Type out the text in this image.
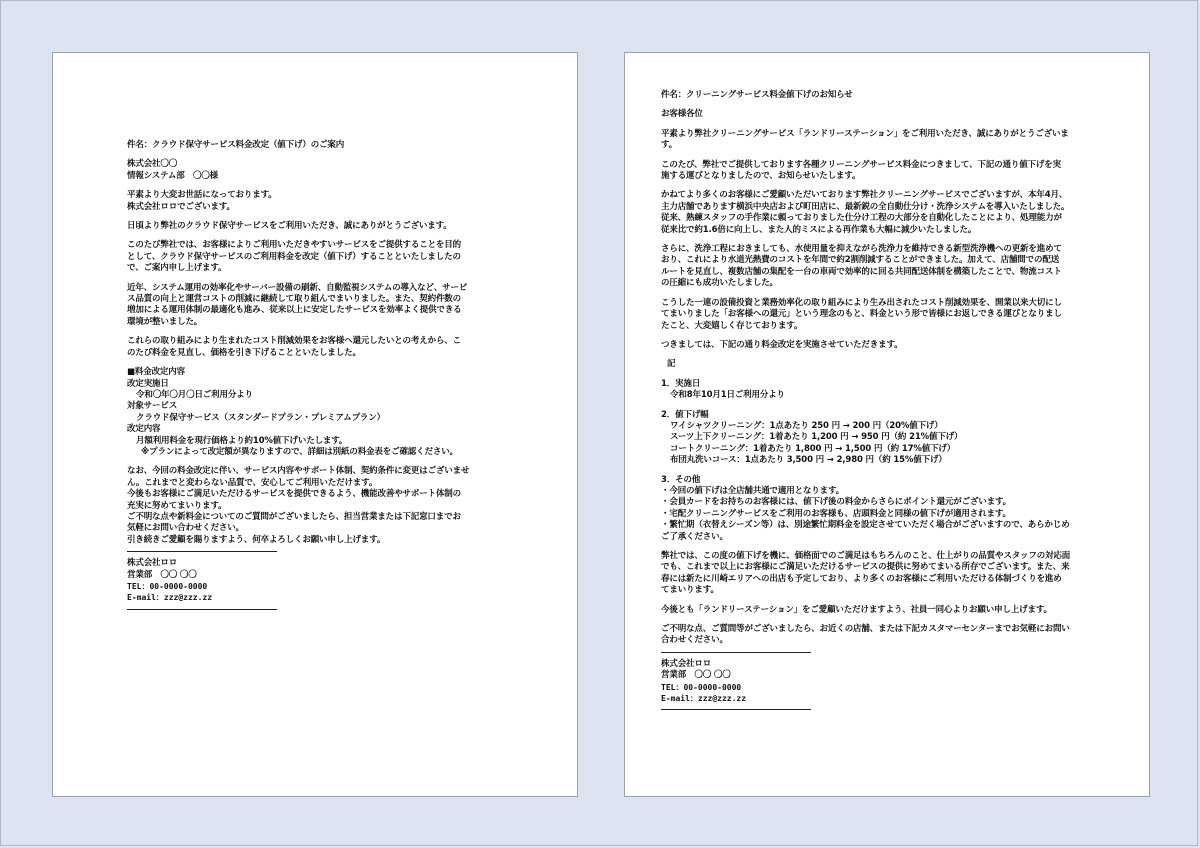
件名：クラウド保守サービス料金改定（値下げ）のご案内

株式会社〇〇

情報システム部　〇〇様

平素より大変お世話になっております。

株式会社ロロでございます。

日頃より弊社のクラウド保守サービスをご利用いただき、誠にありがとうございます。

このたび弊社では、お客様によりご利用いただきやすいサービスをご提供することを目的

として、クラウド保守サービスのご利用料金を改定（値下げ）することといたしましたの

で、ご案内申し上げます。

近年、システム運用の効率化やサーバー設備の刷新、自動監視システムの導入など、サービ

ス品質の向上と運営コストの削減に継続して取り組んでまいりました。また、契約件数の

増加による運用体制の最適化も進み、従来以上に安定したサービスを効率よく提供できる

環境が整いました。

これらの取り組みにより生まれたコスト削減効果をお客様へ還元したいとの考えから、こ

のたび料金を見直し、価格を引き下げることといたしました。

■料金改定内容

改定実施日

令和〇年〇月〇日ご利用分より

対象サービス

クラウド保守サービス（スタンダードプラン・プレミアムプラン）

改定内容

月額利用料金を現行価格より約10%値下げいたします。

※プランによって改定額が異なりますので、詳細は別紙の料金表をご確認ください。

なお、今回の料金改定に伴い、サービス内容やサポート体制、契約条件に変更はございませ

ん。これまでと変わらない品質で、安心してご利用いただけます。

今後もお客様にご満足いただけるサービスを提供できるよう、機能改善やサポート体制の

充実に努めてまいります。

ご不明な点や新料金についてのご質問がございましたら、担当営業または下記窓口までお

気軽にお問い合わせください。

引き続きご愛顧を賜りますよう、何卒よろしくお願い申し上げます。

株式会社ロロ

営業部　〇〇 〇〇

TEL：00-0000-0000

E-mail：zzz@zzz.zz

件名：クリーニングサービス料金値下げのお知らせ

お客様各位

平素より弊社クリーニングサービス「ランドリーステーション」をご利用いただき、誠にありがとうございま

す。

このたび、弊社でご提供しております各種クリーニングサービス料金につきまして、下記の通り値下げを実

施する運びとなりましたので、お知らせいたします。

かねてより多くのお客様にご愛顧いただいております弊社クリーニングサービスでございますが、本年4月、

主力店舗であります横浜中央店および町田店に、最新鋭の全自動仕分け・洗浄システムを導入いたしました。

従来、熟練スタッフの手作業に頼っておりました仕分け工程の大部分を自動化したことにより、処理能力が

従来比で約1.6倍に向上し、また人的ミスによる再作業も大幅に減少いたしました。

さらに、洗浄工程におきましても、水使用量を抑えながら洗浄力を維持できる新型洗浄機への更新を進めて

おり、これにより水道光熱費のコストを年間で約2割削減することができました。加えて、店舗間での配送

ルートを見直し、複数店舗の集配を一台の車両で効率的に回る共同配送体制を構築したことで、物流コスト

の圧縮にも成功いたしました。

こうした一連の設備投資と業務効率化の取り組みにより生み出されたコスト削減効果を、開業以来大切にし

てまいりました「お客様への還元」という理念のもと、料金という形で皆様にお返しできる運びとなりまし

たこと、大変嬉しく存じております。

つきましては、下記の通り料金改定を実施させていただきます。

記

1．実施日

令和8年10月1日ご利用分より

2．値下げ幅

ワイシャツクリーニング：1点あたり 250 円 → 200 円（20%値下げ）

スーツ上下クリーニング：1着あたり 1,200 円 → 950 円（約 21%値下げ）

コートクリーニング：1着あたり 1,800 円 → 1,500 円（約 17%値下げ）

布団丸洗いコース：1点あたり 3,500 円 → 2,980 円（約 15%値下げ）

3．その他

・今回の値下げは全店舗共通で適用となります。

・会員カードをお持ちのお客様には、値下げ後の料金からさらにポイント還元がございます。

・宅配クリーニングサービスをご利用のお客様も、店頭料金と同様の値下げが適用されます。

・繁忙期（衣替えシーズン等）は、別途繁忙期料金を設定させていただく場合がございますので、あらかじめ

ご了承ください。

弊社では、この度の値下げを機に、価格面でのご満足はもちろんのこと、仕上がりの品質やスタッフの対応面

でも、これまで以上にお客様にご満足いただけるサービスの提供に努めてまいる所存でございます。また、来

春には新たに川崎エリアへの出店も予定しており、より多くのお客様にご利用いただける体制づくりを進め

てまいります。

今後とも「ランドリーステーション」をご愛顧いただけますよう、社員一同心よりお願い申し上げます。

ご不明な点、ご質問等がございましたら、お近くの店舗、または下記カスタマーセンターまでお気軽にお問い

合わせください。

株式会社ロロ

営業部　〇〇 〇〇

TEL：00-0000-0000

E-mail：zzz@zzz.zz
